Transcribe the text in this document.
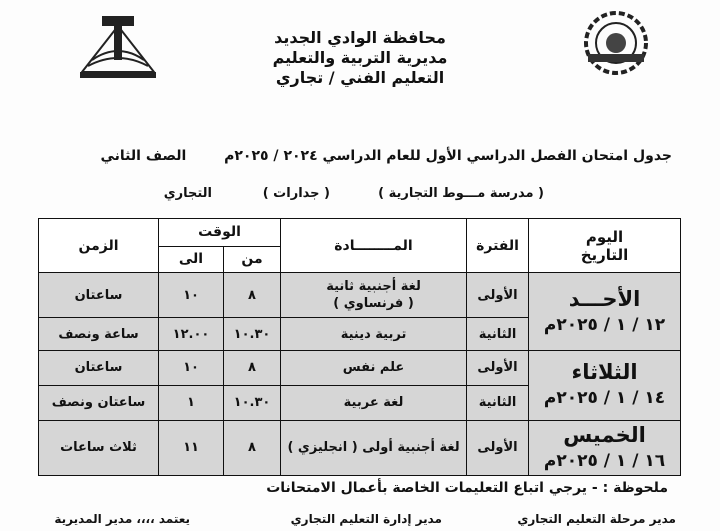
محافظة الوادي الجديد
مديرية التربية والتعليم
التعليم الفني / تجاري
جدول امتحان الفصل الدراسي الأول للعام الدراسي ٢٠٢٤ / ٢٠٢٥م  الصف الثاني
( مدرسة مـــوط التجارية )
( جدارات )
التجاري
اليوم
التاريخ	الفترة	المــــــــادة	الوقت		الزمن
			من	الى	

الأحـــد
١٢ / ١ / ٢٠٢٥م	الأولى	لغة أجنبية ثانية
( فرنساوي )	٨	١٠	ساعتان
	الثانية	تربية دينية	١٠.٣٠	١٢.٠٠	ساعة ونصف

الثلاثاء
١٤ / ١ / ٢٠٢٥م	الأولى	علم نفس	٨	١٠	ساعتان
	الثانية	لغة عربية	١٠.٣٠	١	ساعتان ونصف

الخميس
١٦ / ١ / ٢٠٢٥م	الأولى	لغة أجنبية أولى ( انجليزي )	٨	١١	ثلاث ساعات
ملحوظة : - يرجي اتباع التعليمات الخاصة بأعمال الامتحانات
مدير مرحلة التعليم التجاري
مدير إدارة التعليم التجاري
يعتمد ،،،، مدير المديرية
